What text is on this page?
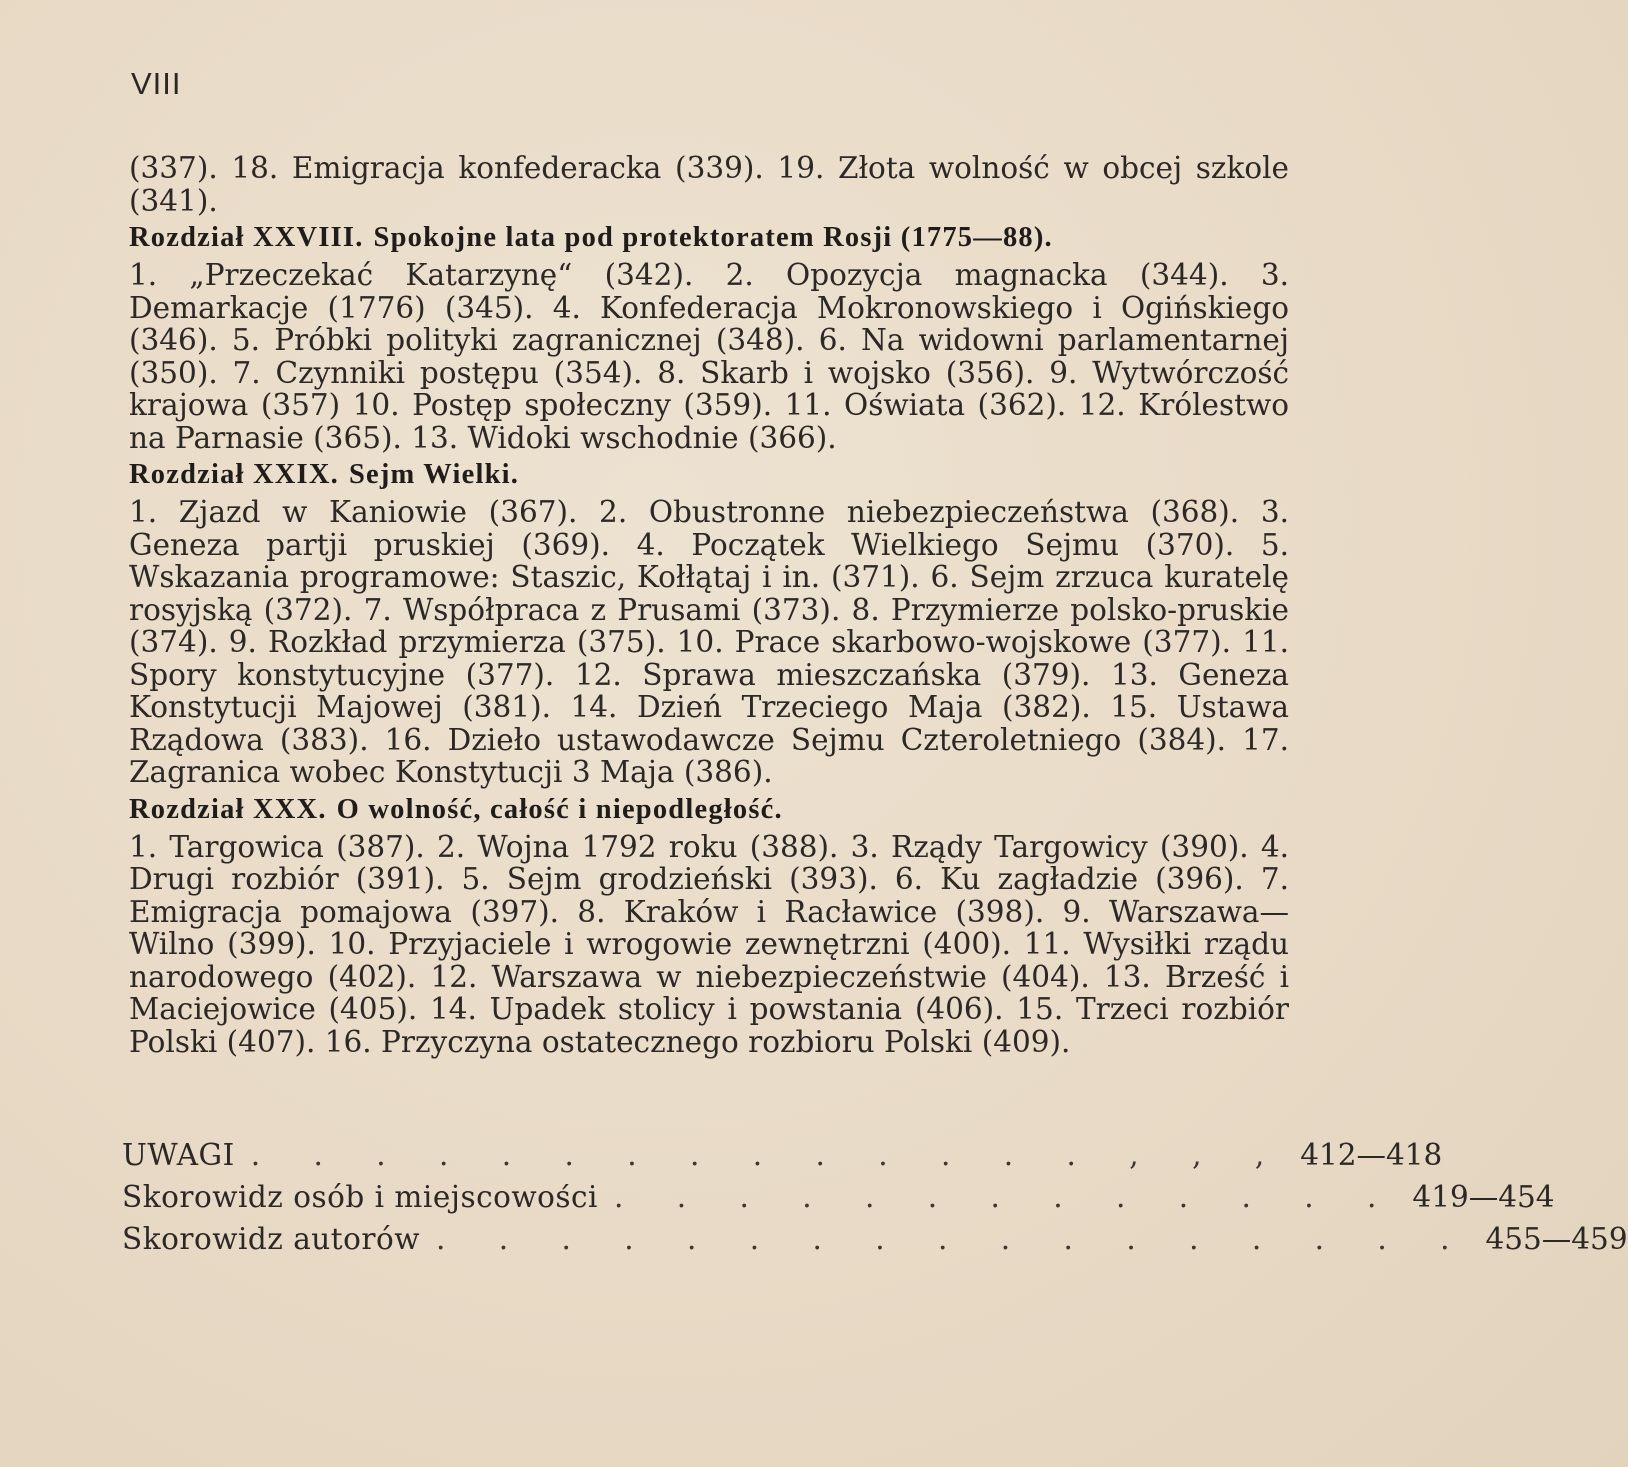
VIII
(337). 18. Emigracja konfederacka (339). 19. Złota wolność w obcej szkole (341).
Rozdział XXVIII. Spokojne lata pod protektoratem Rosji (1775—88).
1. „Przeczekać Katarzynę“ (342). 2. Opozycja magnacka (344). 3. Demarkacje (1776) (345). 4. Konfederacja Mokronowskiego i Ogińskiego (346). 5. Próbki polityki zagranicznej (348). 6. Na widowni parlamentarnej (350). 7. Czynniki postępu (354). 8. Skarb i wojsko (356). 9. Wytwórczość krajowa (357) 10. Postęp społeczny (359). 11. Oświata (362). 12. Królestwo na Parnasie (365). 13. Widoki wschodnie (366).
Rozdział XXIX. Sejm Wielki.
1. Zjazd w Kaniowie (367). 2. Obustronne niebezpieczeństwa (368). 3. Geneza partji pruskiej (369). 4. Początek Wielkiego Sejmu (370). 5. Wskazania programowe: Staszic, Kołłątaj i in. (371). 6. Sejm zrzuca kuratelę rosyjską (372). 7. Współpraca z Prusami (373). 8. Przymierze polsko-pruskie (374). 9. Rozkład przymierza (375). 10. Prace skarbowo-wojskowe (377). 11. Spory konstytucyjne (377). 12. Sprawa mieszczańska (379). 13. Geneza Konstytucji Majowej (381). 14. Dzień Trzeciego Maja (382). 15. Ustawa Rządowa (383). 16. Dzieło ustawodawcze Sejmu Czteroletniego (384). 17. Zagranica wobec Konstytucji 3 Maja (386).
Rozdział XXX. O wolność, całość i niepodległość.
1. Targowica (387). 2. Wojna 1792 roku (388). 3. Rządy Targowicy (390). 4. Drugi rozbiór (391). 5. Sejm grodzieński (393). 6. Ku zagładzie (396). 7. Emigracja pomajowa (397). 8. Kraków i Racławice (398). 9. Warszawa—Wilno (399). 10. Przyjaciele i wrogowie zewnętrzni (400). 11. Wysiłki rządu narodowego (402). 12. Warszawa w niebezpieczeństwie (404). 13. Brześć i Maciejowice (405). 14. Upadek stolicy i powstania (406). 15. Trzeci rozbiór Polski (407). 16. Przyczyna ostatecznego rozbioru Polski (409).
UWAGI . . . . . . . . . . . . . . , , , 412—418
Skorowidz osób i miejscowości . . . . . . . . . . . . . 419—454
Skorowidz autorów . . . . . . . . . . . . . . . . . 455—459
